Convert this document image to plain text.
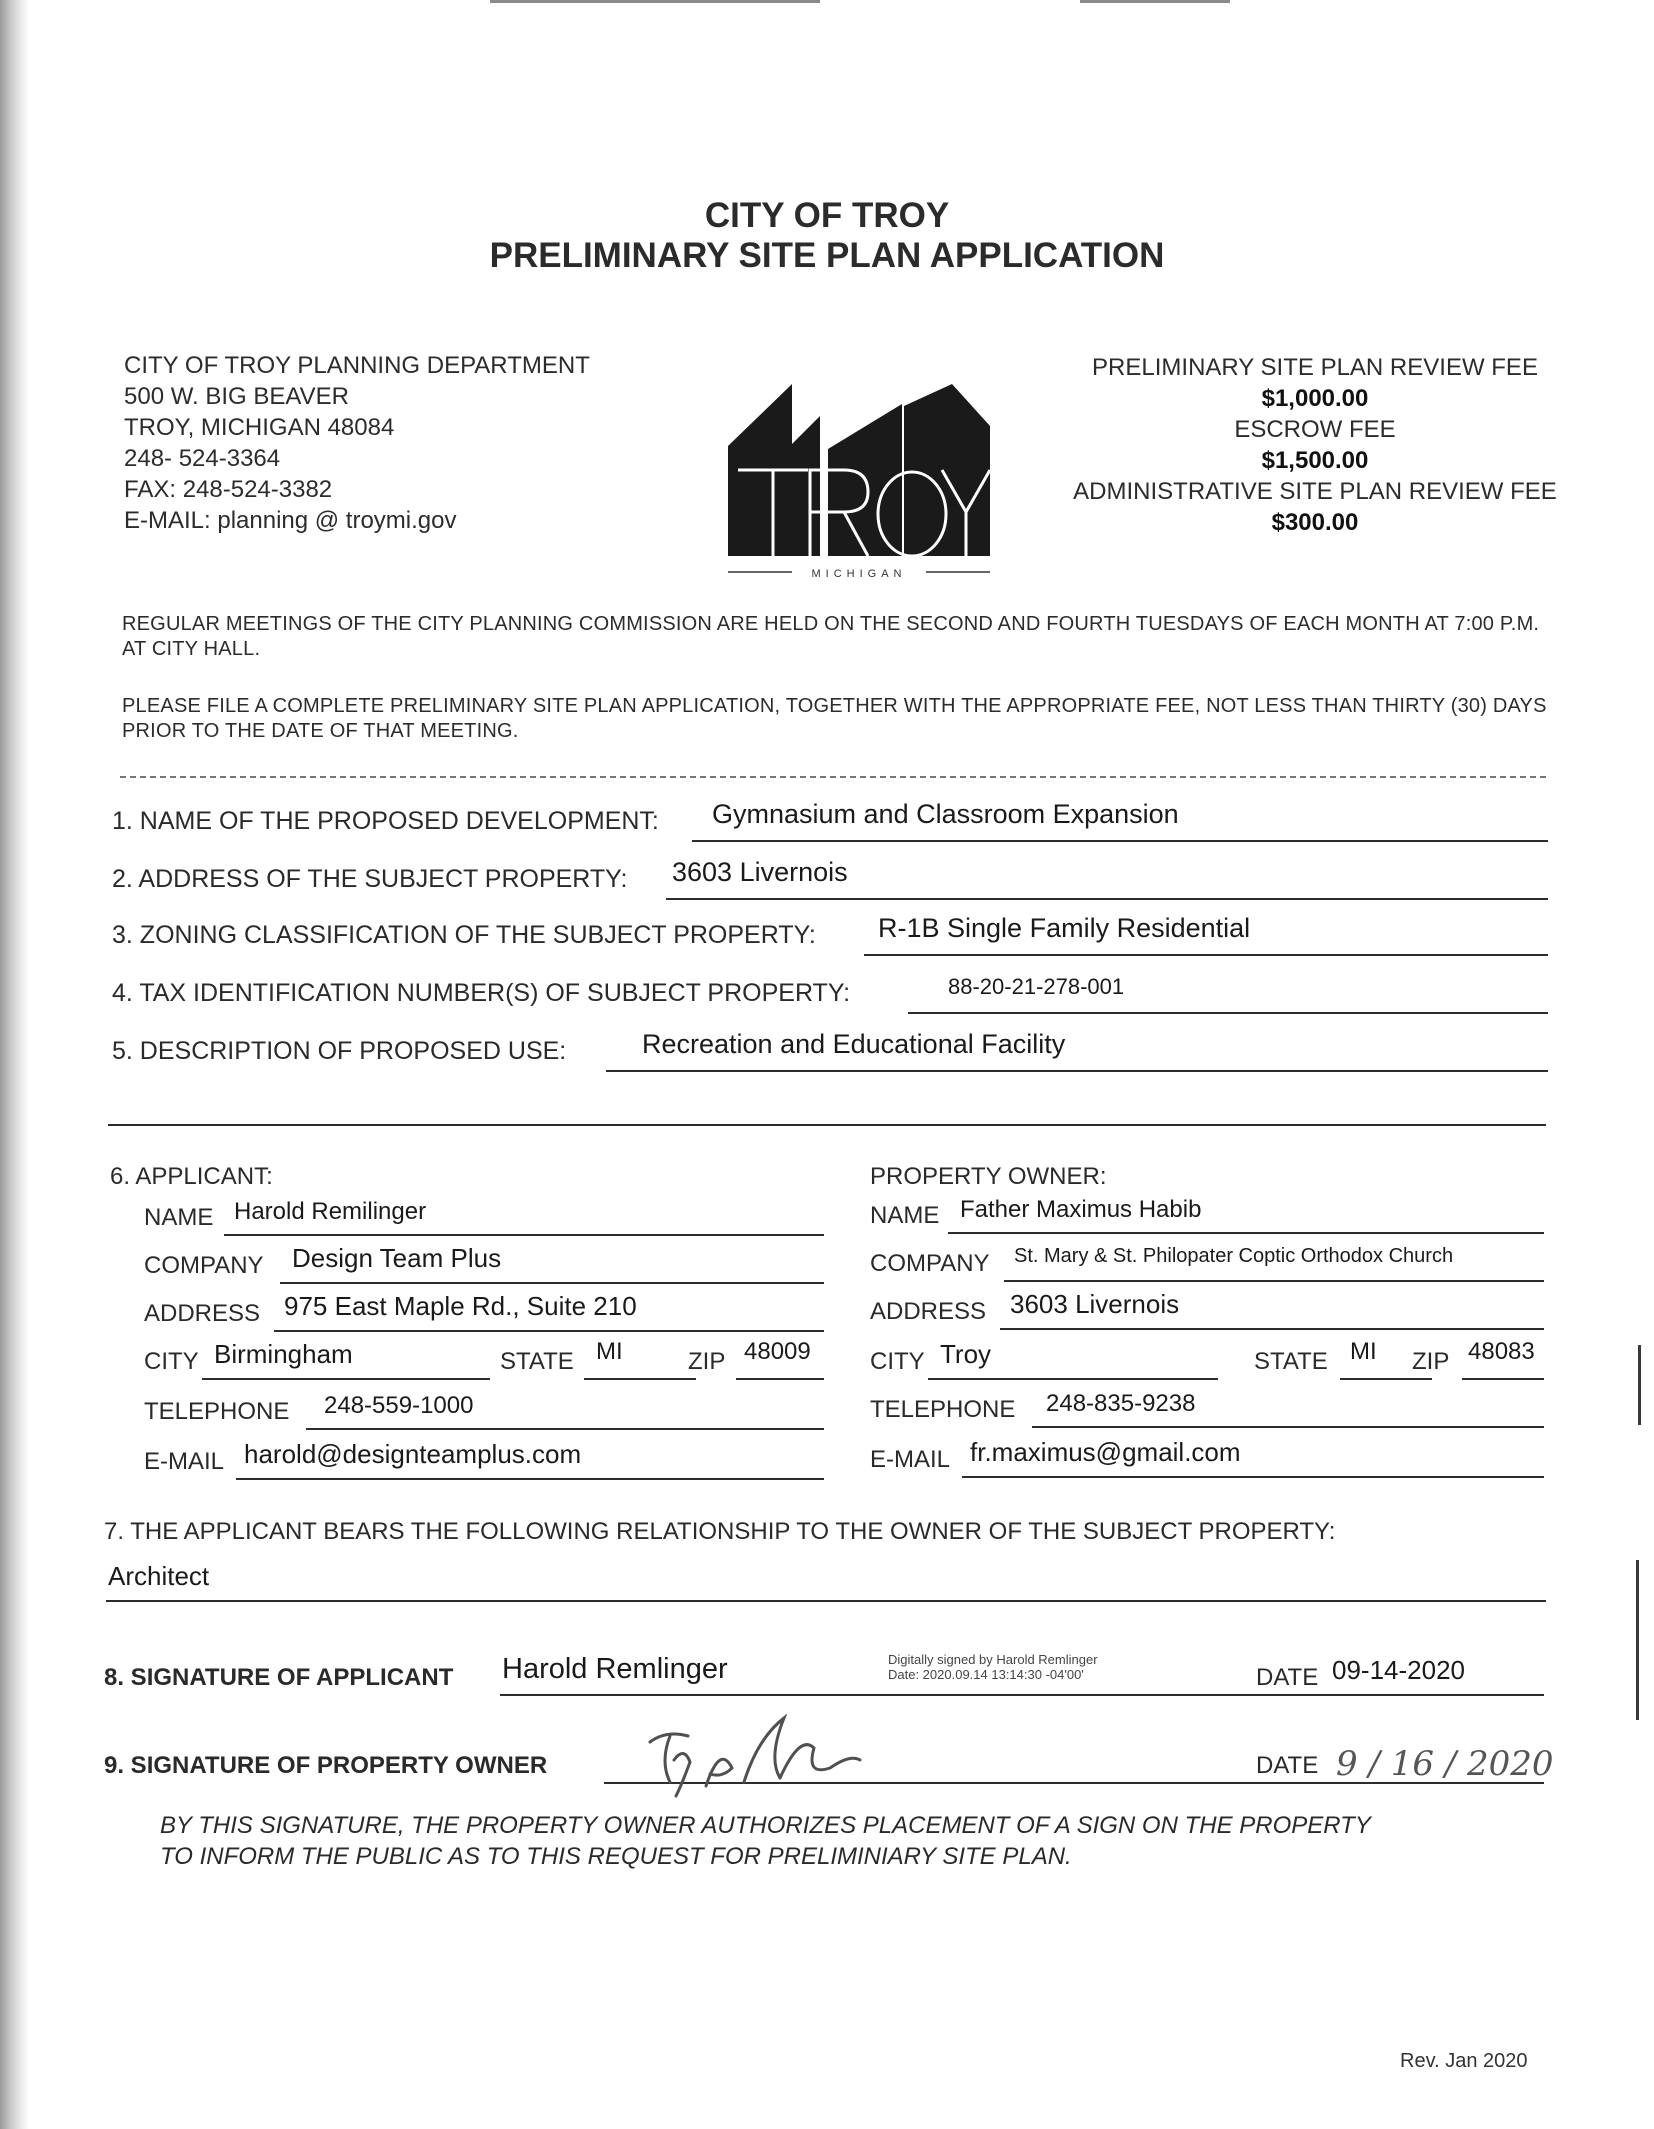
CITY OF TROY
PRELIMINARY SITE PLAN APPLICATION
CITY OF TROY PLANNING DEPARTMENT
500 W. BIG BEAVER
TROY, MICHIGAN 48084
248- 524-3364
FAX: 248-524-3382
E-MAIL: planning @ troymi.gov
MICHIGAN
PRELIMINARY SITE PLAN REVIEW FEE
$1,000.00
ESCROW FEE
$1,500.00
ADMINISTRATIVE SITE PLAN REVIEW FEE
$300.00
REGULAR MEETINGS OF THE CITY PLANNING COMMISSION ARE HELD ON THE SECOND AND FOURTH TUESDAYS OF EACH MONTH AT 7:00 P.M. AT CITY HALL.
PLEASE FILE A COMPLETE PRELIMINARY SITE PLAN APPLICATION, TOGETHER WITH THE APPROPRIATE FEE, NOT LESS THAN THIRTY (30) DAYS PRIOR TO THE DATE OF THAT MEETING.
1. NAME OF THE PROPOSED DEVELOPMENT: Gymnasium and Classroom Expansion
2. ADDRESS OF THE SUBJECT PROPERTY: 3603 Livernois
3. ZONING CLASSIFICATION OF THE SUBJECT PROPERTY: R-1B Single Family Residential
4. TAX IDENTIFICATION NUMBER(S) OF SUBJECT PROPERTY:	88-20-21-278-001
5. DESCRIPTION OF PROPOSED USE:	Recreation and Educational Facility
6. APPLICANT:
NAME Harold Remilinger
COMPANY Design Team Plus
ADDRESS 975 East Maple Rd., Suite 210
CITY Birmingham	STATE MI	ZIP 48009
TELEPHONE 248-559-1000
E-MAIL harold@designteamplus.com
PROPERTY OWNER:
NAME Father Maximus Habib
COMPANY St. Mary & St. Philopater Coptic Orthodox Church
ADDRESS 3603 Livernois
CITY Troy	STATE MI ZIP 48083
TELEPHONE 248-835-9238
E-MAIL fr.maximus@gmail.com
7. THE APPLICANT BEARS THE FOLLOWING RELATIONSHIP TO THE OWNER OF THE SUBJECT PROPERTY:
Architect
8. SIGNATURE OF APPLICANT Harold Remlinger	DATE 09-14-2020
Digitally signed by Harold Remlinger
Date: 2020.09.14 13:14:30 -04'00'
9. SIGNATURE OF PROPERTY OWNER	DATE 9 / 16 / 2020
BY THIS SIGNATURE, THE PROPERTY OWNER AUTHORIZES PLACEMENT OF A SIGN ON THE PROPERTY
TO INFORM THE PUBLIC AS TO THIS REQUEST FOR PRELIMINIARY SITE PLAN.
Rev. Jan 2020
